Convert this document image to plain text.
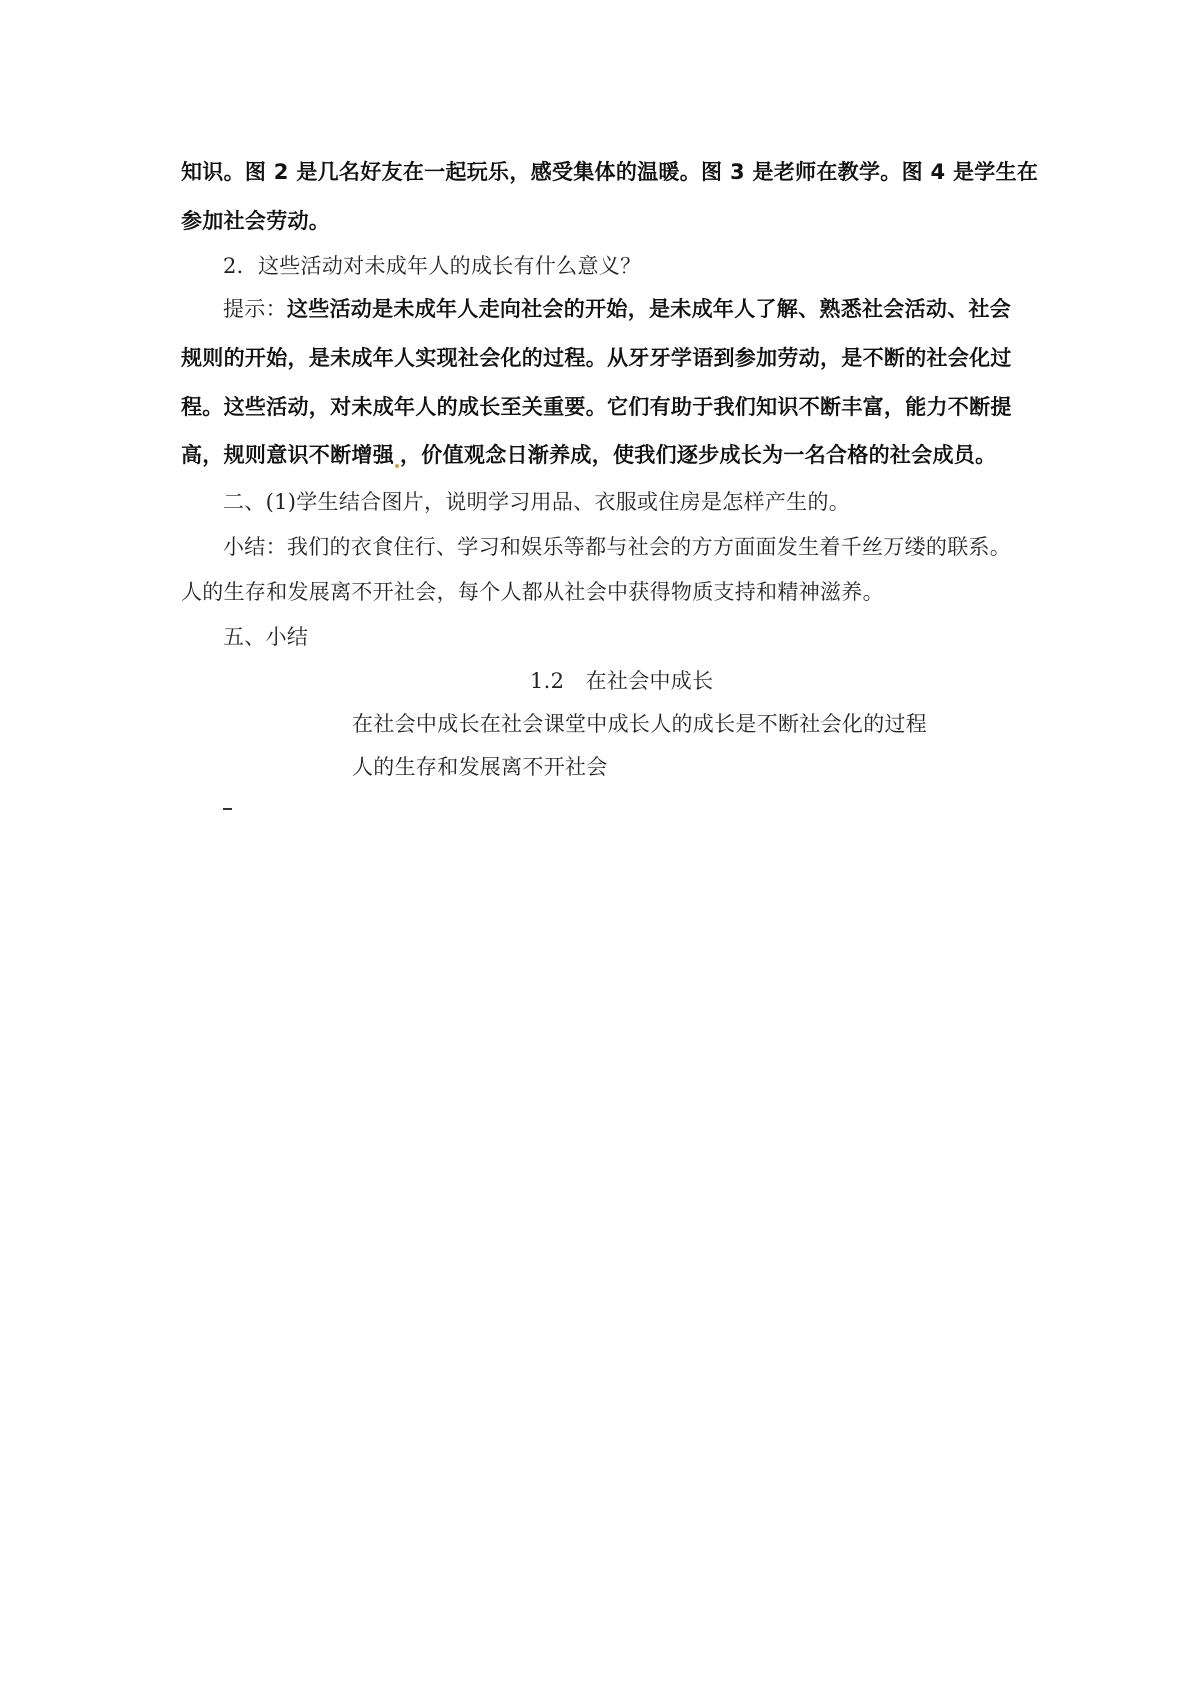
知识。图 2 是几名好友在一起玩乐，感受集体的温暖。图 3 是老师在教学。图 4 是学生在
参加社会劳动。
2．这些活动对未成年人的成长有什么意义？
提示：这些活动是未成年人走向社会的开始，是未成年人了解、熟悉社会活动、社会
规则的开始，是未成年人实现社会化的过程。从牙牙学语到参加劳动，是不断的社会化过
程。这些活动，对未成年人的成长至关重要。它们有助于我们知识不断丰富，能力不断提
高，规则意识不断增强 ，价值观念日渐养成，使我们逐步成长为一名合格的社会成员。
二、(1)学生结合图片，说明学习用品、衣服或住房是怎样产生的。
小结：我们的衣食住行、学习和娱乐等都与社会的方方面面发生着千丝万缕的联系。
人的生存和发展离不开社会，每个人都从社会中获得物质支持和精神滋养。
五、小结
1.2　在社会中成长
在社会中成长在社会课堂中成长人的成长是不断社会化的过程
人的生存和发展离不开社会
